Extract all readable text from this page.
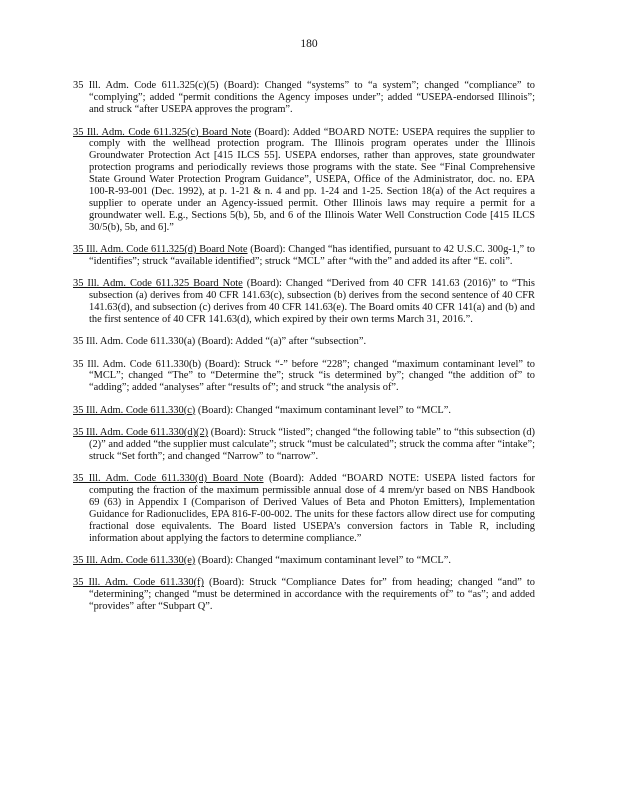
180

35 Ill. Adm. Code 611.325(c)(5) (Board): Changed “systems” to “a system”; changed “compliance” to “complying”; added “permit conditions the Agency imposes under”; added “USEPA-endorsed Illinois”; and struck “after USEPA approves the program”.

35 Ill. Adm. Code 611.325(c) Board Note (Board): Added “BOARD NOTE: USEPA requires the supplier to comply with the wellhead protection program. The Illinois program operates under the Illinois Groundwater Protection Act [415 ILCS 55]. USEPA endorses, rather than approves, state groundwater protection programs and periodically reviews those programs with the state. See “Final Comprehensive State Ground Water Protection Program Guidance”, USEPA, Office of the Administrator, doc. no. EPA 100-R-93-001 (Dec. 1992), at p. 1-21 & n. 4 and pp. 1-24 and 1-25. Section 18(a) of the Act requires a supplier to operate under an Agency-issued permit. Other Illinois laws may require a permit for a groundwater well. E.g., Sections 5(b), 5b, and 6 of the Illinois Water Well Construction Code [415 ILCS 30/5(b), 5b, and 6].”

35 Ill. Adm. Code 611.325(d) Board Note (Board): Changed “has identified, pursuant to 42 U.S.C. 300g-1,” to “identifies”; struck “available identified”; struck “MCL” after “with the” and added its after “E. coli”.

35 Ill. Adm. Code 611.325 Board Note (Board): Changed “Derived from 40 CFR 141.63 (2016)” to “This subsection (a) derives from 40 CFR 141.63(c), subsection (b) derives from the second sentence of 40 CFR 141.63(d), and subsection (c) derives from 40 CFR 141.63(e). The Board omits 40 CFR 141(a) and (b) and the first sentence of 40 CFR 141.63(d), which expired by their own terms March 31, 2016.”.

35 Ill. Adm. Code 611.330(a) (Board): Added “(a)” after “subsection”.

35 Ill. Adm. Code 611.330(b) (Board): Struck “-” before “228”; changed “maximum contaminant level” to “MCL”; changed “The” to “Determine the”; struck “is determined by”; changed “the addition of” to “adding”; added “analyses” after “results of”; and struck “the analysis of”.

35 Ill. Adm. Code 611.330(c) (Board): Changed “maximum contaminant level” to “MCL”.

35 Ill. Adm. Code 611.330(d)(2) (Board): Struck “listed”; changed “the following table” to “this subsection (d)(2)” and added “the supplier must calculate”; struck “must be calculated”; struck the comma after “intake”; struck “Set forth”; and changed “Narrow” to “narrow”.

35 Ill. Adm. Code 611.330(d) Board Note (Board): Added “BOARD NOTE: USEPA listed factors for computing the fraction of the maximum permissible annual dose of 4 mrem/yr based on NBS Handbook 69 (63) in Appendix I (Comparison of Derived Values of Beta and Photon Emitters), Implementation Guidance for Radionuclides, EPA 816-F-00-002. The units for these factors allow direct use for computing fractional dose equivalents. The Board listed USEPA’s conversion factors in Table R, including information about applying the factors to determine compliance.”

35 Ill. Adm. Code 611.330(e) (Board): Changed “maximum contaminant level” to “MCL”.

35 Ill. Adm. Code 611.330(f) (Board): Struck “Compliance Dates for” from heading; changed “and” to “determining”; changed “must be determined in accordance with the requirements of” to “as”; and added “provides” after “Subpart Q”.
